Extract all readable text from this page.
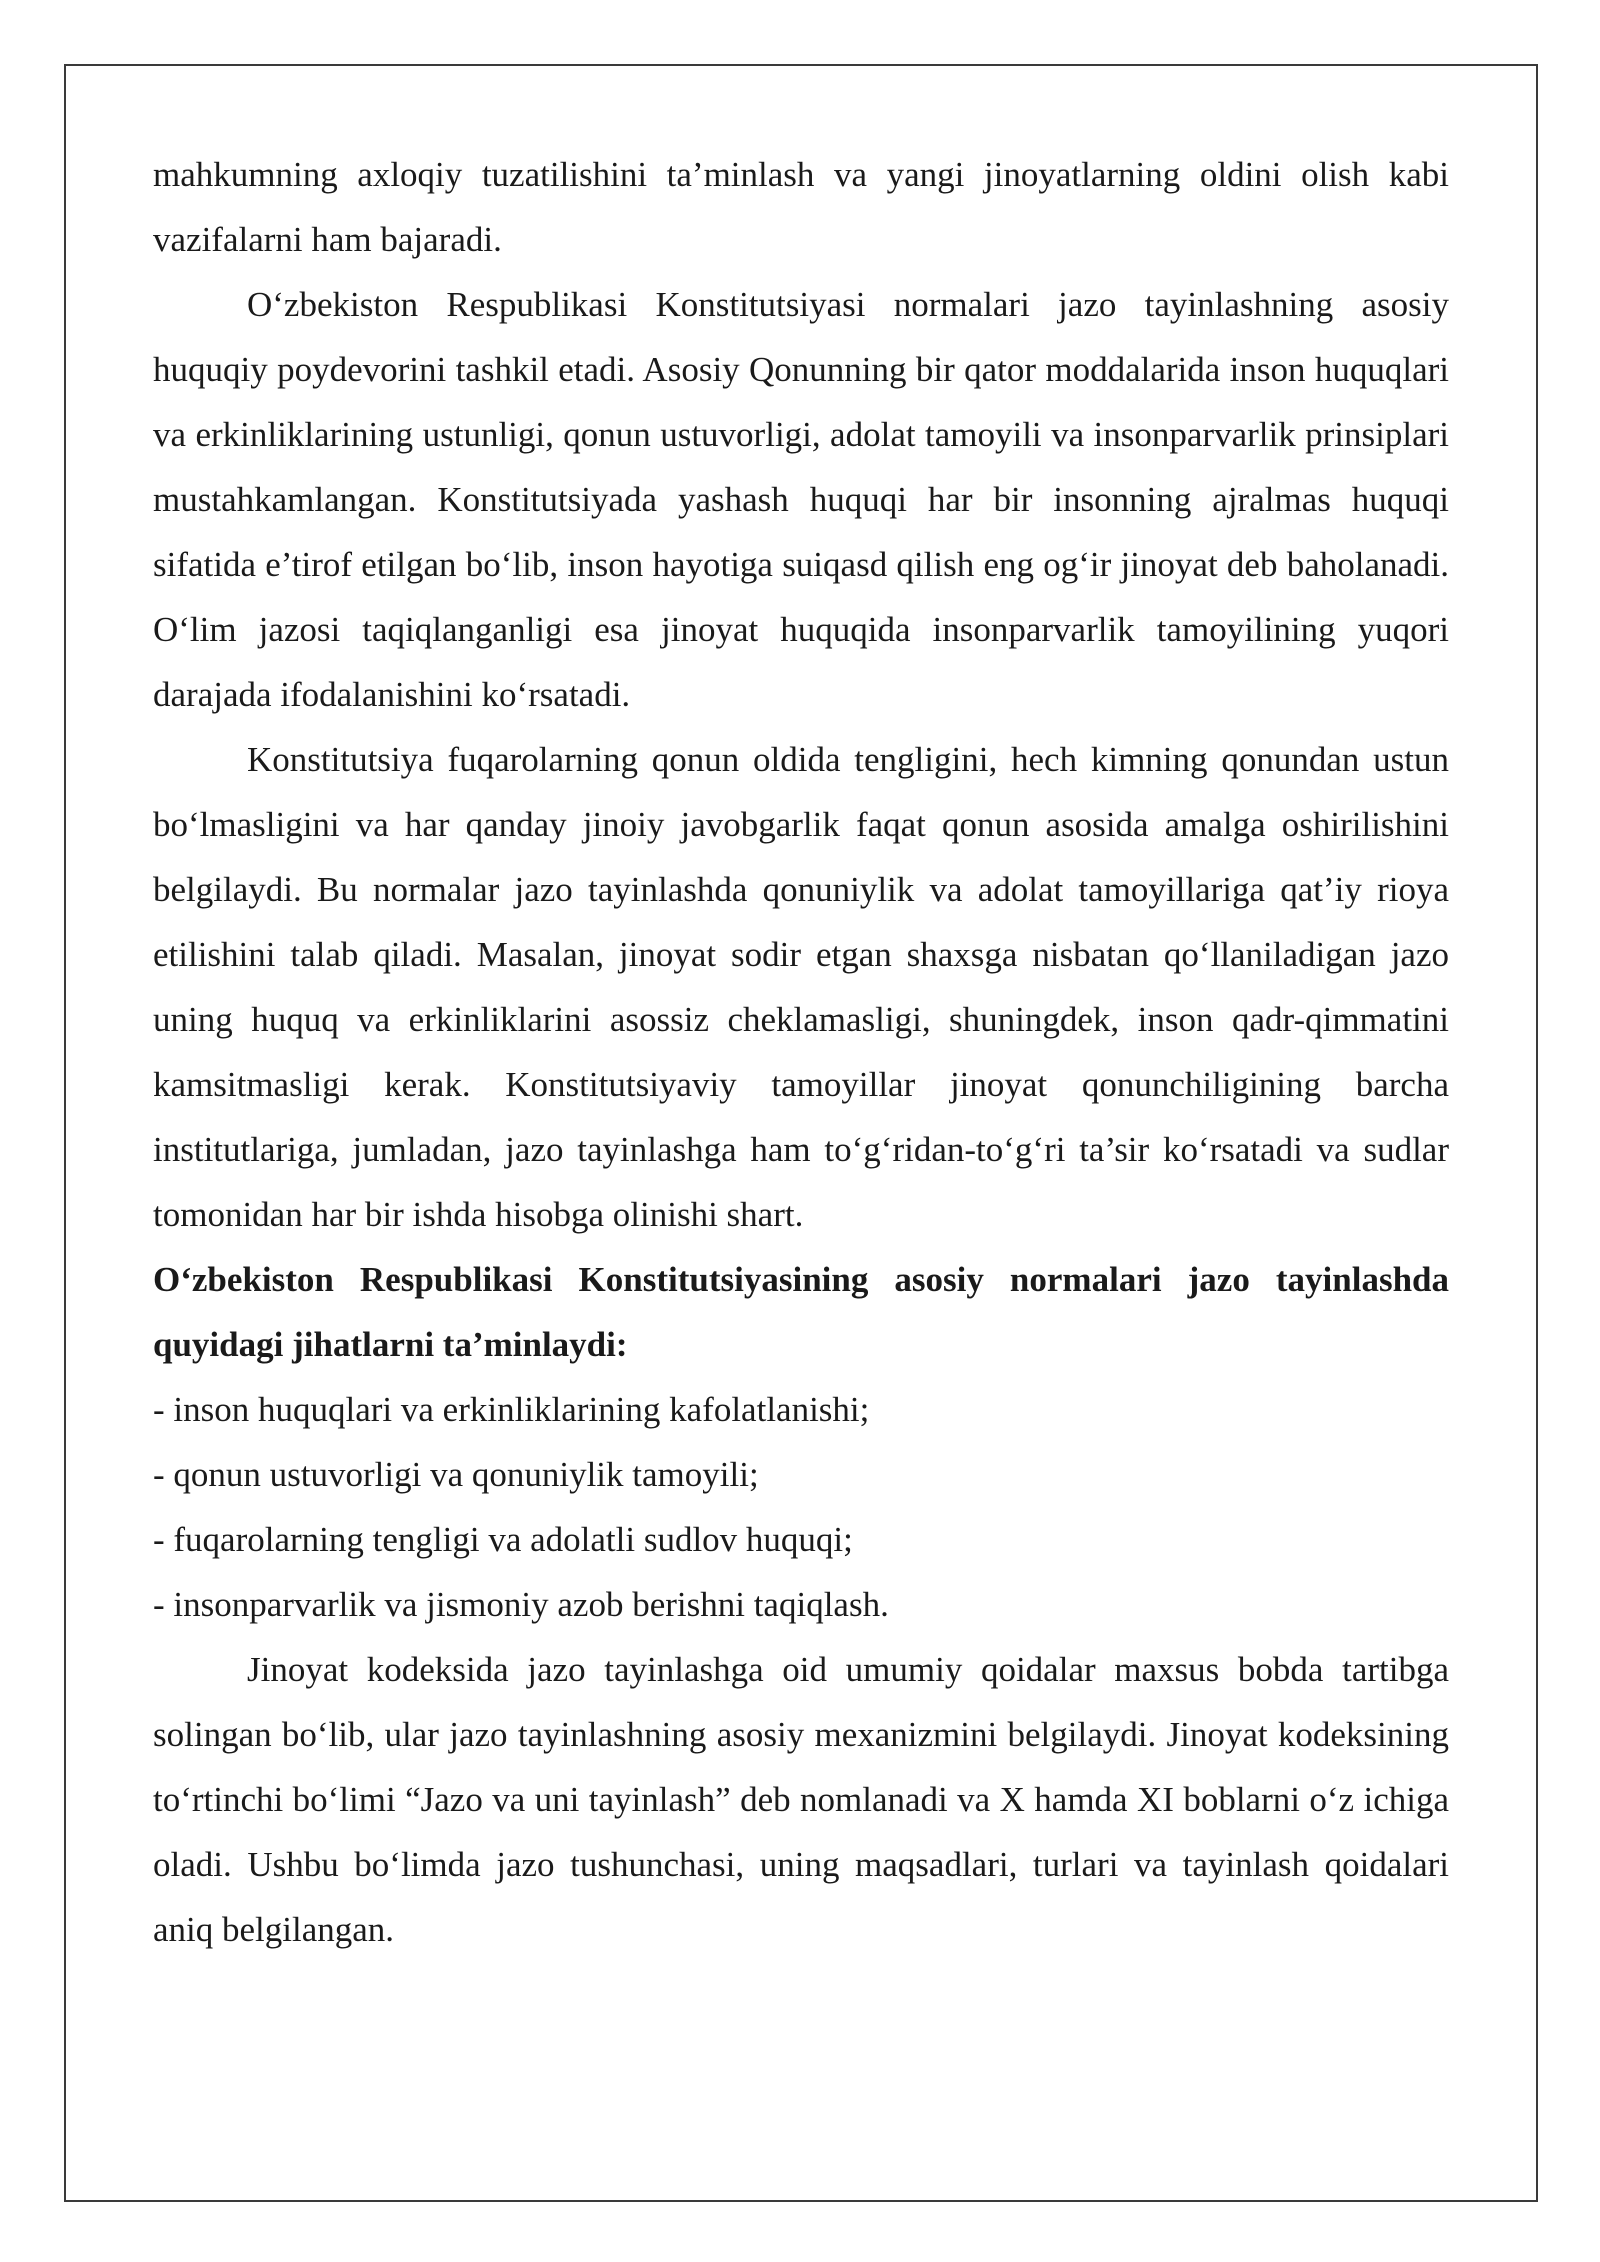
mahkumning axloqiy tuzatilishini ta’minlash va yangi jinoyatlarning oldini olish kabi vazifalarni ham bajaradi.

O‘zbekiston Respublikasi Konstitutsiyasi normalari jazo tayinlashning asosiy huquqiy poydevorini tashkil etadi. Asosiy Qonunning bir qator moddalarida inson huquqlari va erkinliklarining ustunligi, qonun ustuvorligi, adolat tamoyili va insonparvarlik prinsiplari mustahkamlangan. Konstitutsiyada yashash huquqi har bir insonning ajralmas huquqi sifatida e’tirof etilgan bo‘lib, inson hayotiga suiqasd qilish eng og‘ir jinoyat deb baholanadi. O‘lim jazosi taqiqlanganligi esa jinoyat huquqida insonparvarlik tamoyilining yuqori darajada ifodalanishini ko‘rsatadi.

Konstitutsiya fuqarolarning qonun oldida tengligini, hech kimning qonundan ustun bo‘lmasligini va har qanday jinoiy javobgarlik faqat qonun asosida amalga oshirilishini belgilaydi. Bu normalar jazo tayinlashda qonuniylik va adolat tamoyillariga qat’iy rioya etilishini talab qiladi. Masalan, jinoyat sodir etgan shaxsga nisbatan qo‘llaniladigan jazo uning huquq va erkinliklarini asossiz cheklamasligi, shuningdek, inson qadr-qimmatini kamsitmasligi kerak. Konstitutsiyaviy tamoyillar jinoyat qonunchiligining barcha institutlariga, jumladan, jazo tayinlashga ham to‘g‘ridan-to‘g‘ri ta’sir ko‘rsatadi va sudlar tomonidan har bir ishda hisobga olinishi shart.

O‘zbekiston Respublikasi Konstitutsiyasining asosiy normalari jazo tayinlashda quyidagi jihatlarni ta’minlaydi:

- inson huquqlari va erkinliklarining kafolatlanishi;

- qonun ustuvorligi va qonuniylik tamoyili;

- fuqarolarning tengligi va adolatli sudlov huquqi;

- insonparvarlik va jismoniy azob berishni taqiqlash.

Jinoyat kodeksida jazo tayinlashga oid umumiy qoidalar maxsus bobda tartibga solingan bo‘lib, ular jazo tayinlashning asosiy mexanizmini belgilaydi. Jinoyat kodeksining to‘rtinchi bo‘limi “Jazo va uni tayinlash” deb nomlanadi va X hamda XI boblarni o‘z ichiga oladi. Ushbu bo‘limda jazo tushunchasi, uning maqsadlari, turlari va tayinlash qoidalari aniq belgilangan.
